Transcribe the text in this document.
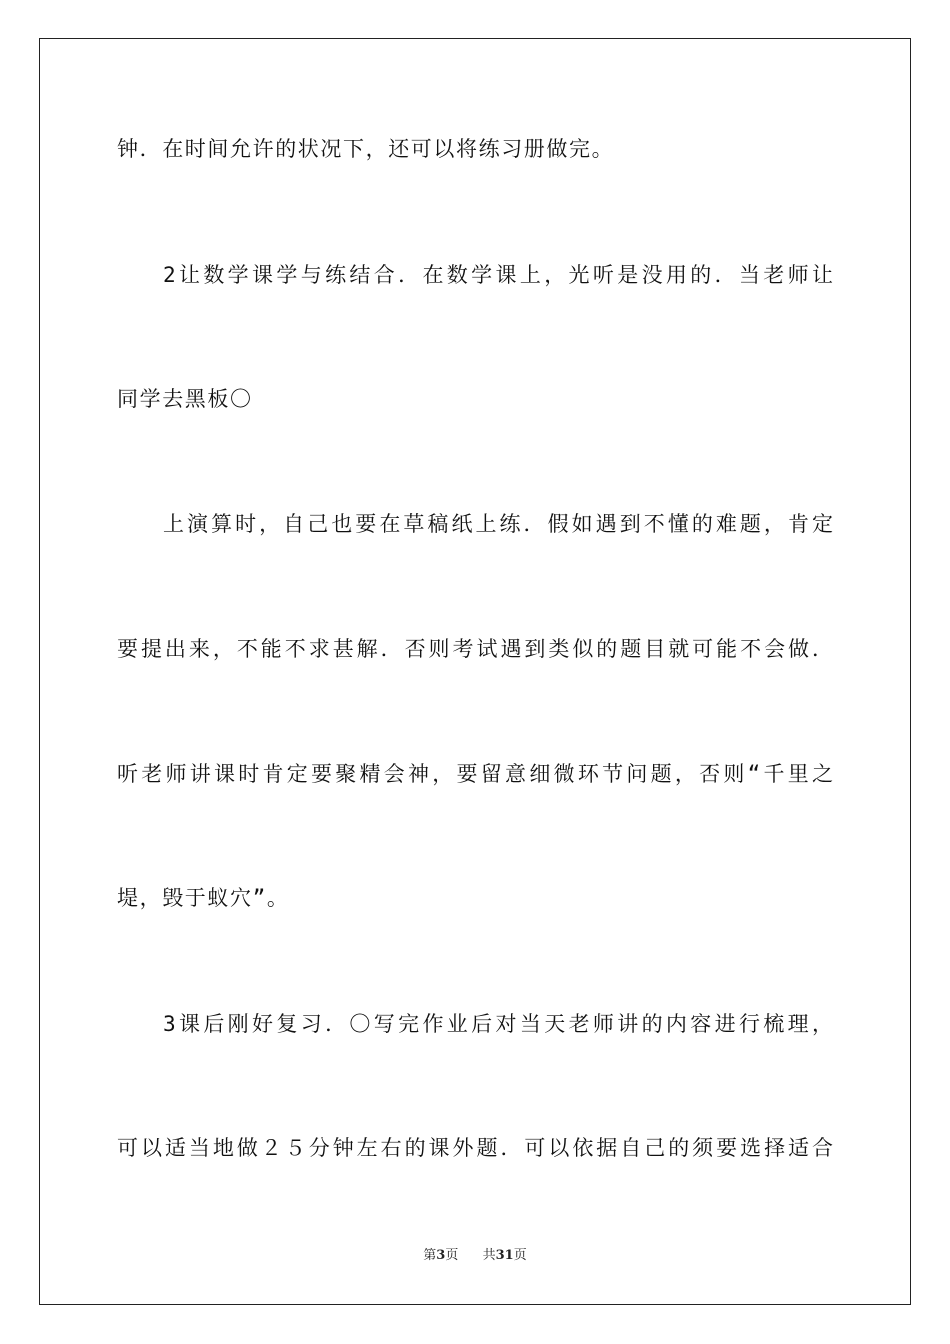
钟．在时间允许的状况下，还可以将练习册做完。

2让数学课学与练结合．在数学课上，光听是没用的．当老师让

同学去黑板〇

上演算时，自己也要在草稿纸上练．假如遇到不懂的难题，肯定

要提出来，不能不求甚解．否则考试遇到类似的题目就可能不会做．

听老师讲课时肯定要聚精会神，要留意细微环节问题，否则“千里之

堤，毁于蚁穴”。

3课后刚好复习．〇写完作业后对当天老师讲的内容进行梳理，

可以适当地做２５分钟左右的课外题．可以依据自己的须要选择适合

第3页 共31页
